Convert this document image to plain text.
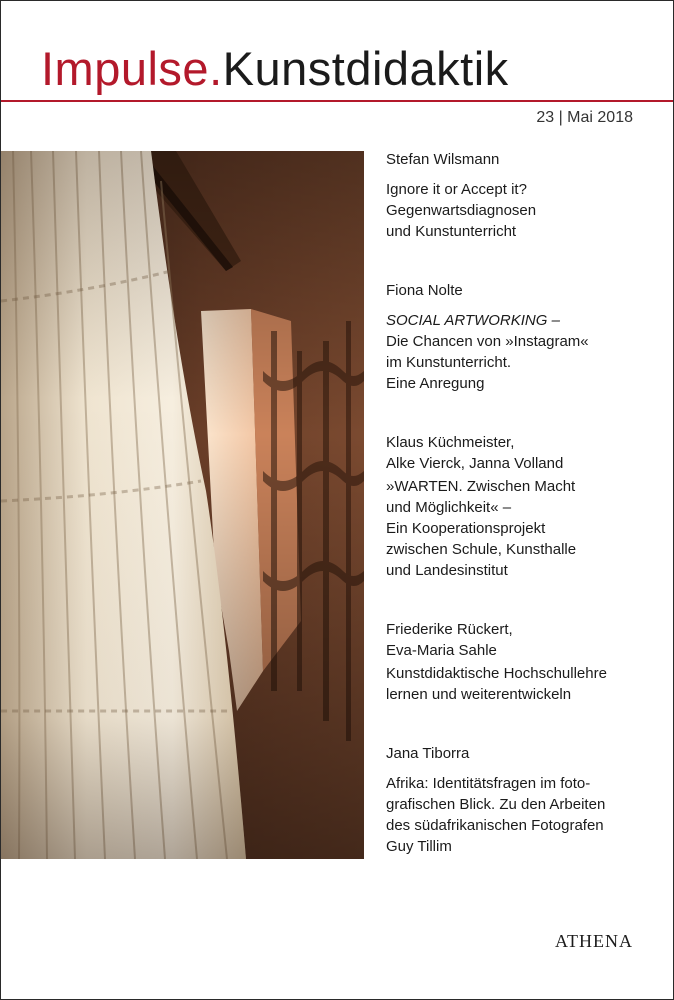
Impulse.Kunstdidaktik
23 | Mai 2018
Stefan Wilsmann
Ignore it or Accept it?
Gegenwartsdiagnosen
und Kunstunterricht
Fiona Nolte
SOCIAL ARTWORKING –
Die Chancen von »Instagram«
im Kunstunterricht.
Eine Anregung
Klaus Küchmeister,
Alke Vierck, Janna Volland
»WARTEN. Zwischen Macht
und Möglichkeit« –
Ein Kooperationsprojekt
zwischen Schule, Kunsthalle
und Landesinstitut
Friederike Rückert,
Eva-Maria Sahle
Kunstdidaktische Hochschullehre
lernen und weiterentwickeln
Jana Tiborra
Afrika: Identitätsfragen im foto-
grafischen Blick. Zu den Arbeiten
des südafrikanischen Fotografen
Guy Tillim
ATHENA
